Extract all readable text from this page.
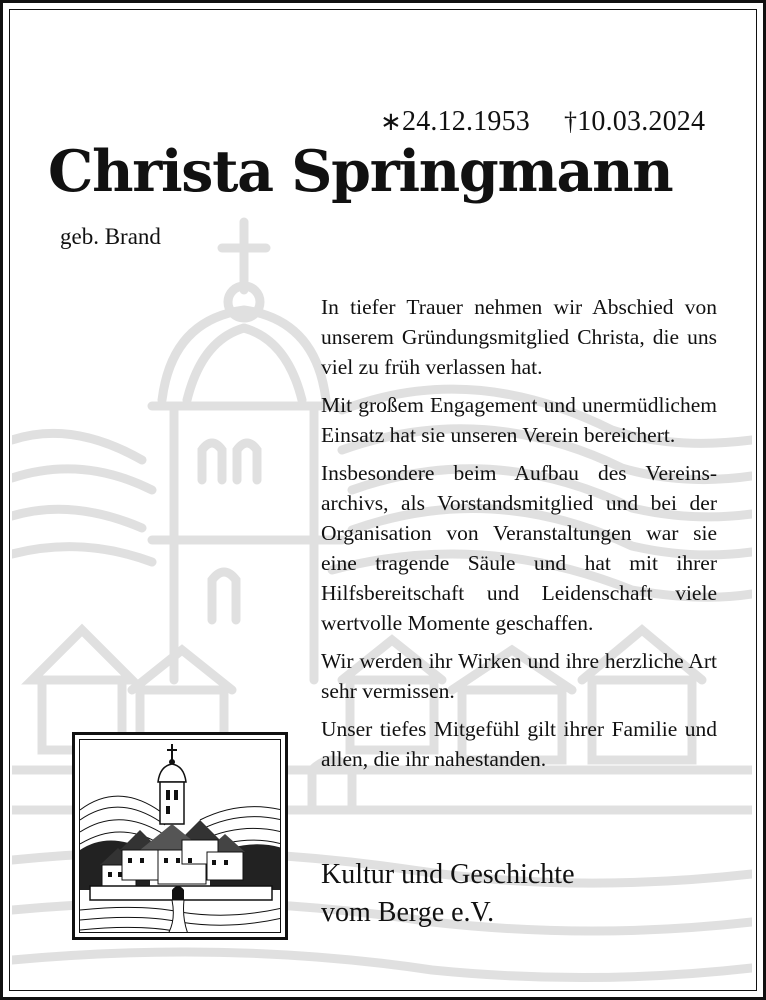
∗24.12.1953 †10.03.2024
Christa Springmann
geb. Brand

In tiefer Trauer nehmen wir Abschied von unserem Gründungsmitglied Christa, die uns viel zu früh verlassen hat.

Mit großem Engagement und unermüdlichem Einsatz hat sie unseren Verein bereichert.

Insbesondere beim Aufbau des Vereinsarchivs, als Vorstandsmitglied und bei der Organisation von Veranstaltungen war sie eine tragende Säule und hat mit ihrer Hilfsbereitschaft und Leidenschaft viele wertvolle Momente geschaffen.

Wir werden ihr Wirken und ihre herzliche Art sehr vermissen.

Unser tiefes Mitgefühl gilt ihrer Familie und allen, die ihr nahestanden.

Kultur und Geschichte
vom Berge e.V.
